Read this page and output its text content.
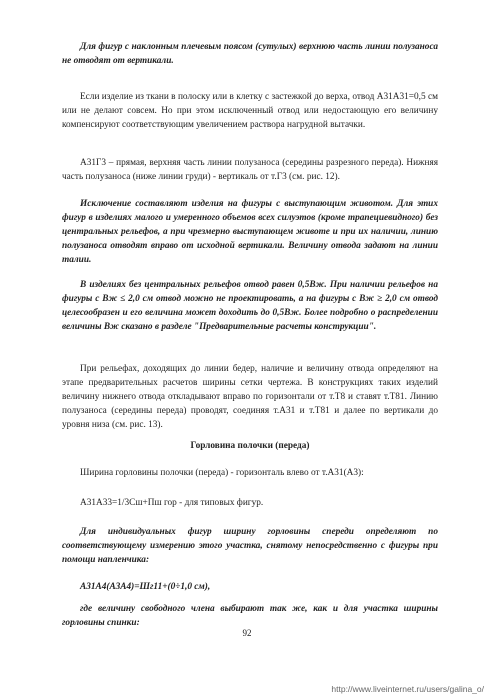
Для фигур с наклонным плечевым поясом (сутулых) верхнюю часть линии полузаноса не отводят от вертикали.

Если изделие из ткани в полоску или в клетку с застежкой до верха, отвод А31А31=0,5 см или не делают совсем. Но при этом исключенный отвод или недостающую его величину компенсируют соответствующим увеличением раствора нагрудной вытачки.

А31Г3 – прямая, верхняя часть линии полузаноса (середины разрезного переда). Нижняя часть полузаноса (ниже линии груди) - вертикаль от т.Г3 (см. рис. 12).

Исключение составляют изделия на фигуры с выступающим животом. Для этих фигур в изделиях малого и умеренного объемов всех силуэтов (кроме трапециевидного) без центральных рельефов, а при чрезмерно выступающем животе и при их наличии, линию полузаноса отводят вправо от исходной вертикали. Величину отвода задают на линии талии.

В изделиях без центральных рельефов отвод равен 0,5Вж. При наличии рельефов на фигуры с Вж ≤ 2,0 см отвод можно не проектировать, а на фигуры с Вж ≥ 2,0 см отвод целесообразен и его величина может доходить до 0,5Вж. Более подробно о распределении величины Вж сказано в разделе "Предварительные расчеты конструкции".

При рельефах, доходящих до линии бедер, наличие и величину отвода определяют на этапе предварительных расчетов ширины сетки чертежа. В конструкциях таких изделий величину нижнего отвода откладывают вправо по горизонтали от т.Т8 и ставят т.Т81. Линию полузаноса (середины переда) проводят, соединяя т.А31 и т.Т81 и далее по вертикали до уровня низа (см. рис. 13).

Горловина полочки (переда)

Ширина горловины полочки (переда) - горизонталь влево от т.А31(А3):

А31А33=1/3Сш+Пш гор - для типовых фигур.

Для индивидуальных фигур ширину горловины спереди определяют по соответствующему измерению этого участка, снятому непосредственно с фигуры при помощи напленчика:

А31А4(А3А4)=Шг11+(0÷1,0 см),

где величину свободного члена выбирают так же, как и для участка ширины горловины спинки:

92
http://www.liveinternet.ru/users/galina_o/
